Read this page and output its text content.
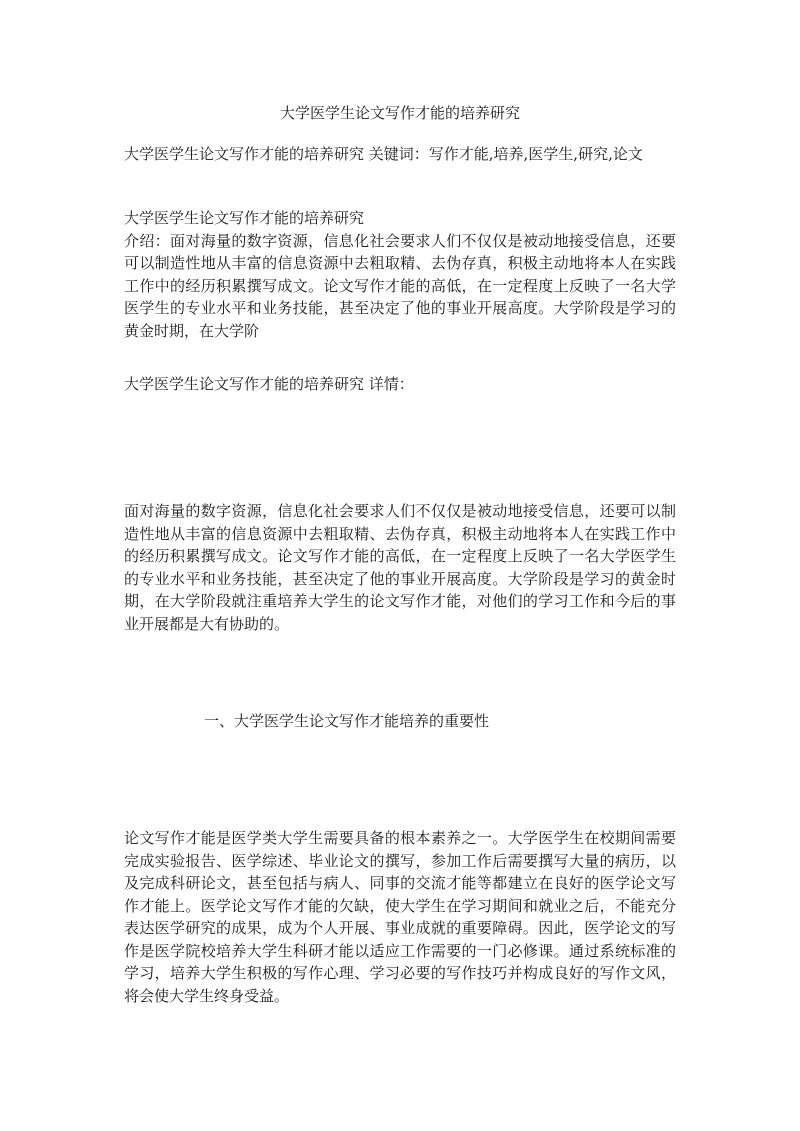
大学医学生论文写作才能的培养研究

大学医学生论文写作才能的培养研究 关键词：写作才能,培养,医学生,研究,论文

大学医学生论文写作才能的培养研究
介绍：面对海量的数字资源，信息化社会要求人们不仅仅是被动地接受信息，还要可以制造性地从丰富的信息资源中去粗取精、去伪存真，积极主动地将本人在实践工作中的经历积累撰写成文。论文写作才能的高低，在一定程度上反映了一名大学医学生的专业水平和业务技能，甚至决定了他的事业开展高度。大学阶段是学习的黄金时期，在大学阶

大学医学生论文写作才能的培养研究 详情：

面对海量的数字资源，信息化社会要求人们不仅仅是被动地接受信息，还要可以制造性地从丰富的信息资源中去粗取精、去伪存真，积极主动地将本人在实践工作中的经历积累撰写成文。论文写作才能的高低，在一定程度上反映了一名大学医学生的专业水平和业务技能，甚至决定了他的事业开展高度。大学阶段是学习的黄金时期，在大学阶段就注重培养大学生的论文写作才能，对他们的学习工作和今后的事业开展都是大有协助的。

一、大学医学生论文写作才能培养的重要性

论文写作才能是医学类大学生需要具备的根本素养之一。大学医学生在校期间需要完成实验报告、医学综述、毕业论文的撰写，参加工作后需要撰写大量的病历，以及完成科研论文，甚至包括与病人、同事的交流才能等都建立在良好的医学论文写作才能上。医学论文写作才能的欠缺，使大学生在学习期间和就业之后，不能充分表达医学研究的成果，成为个人开展、事业成就的重要障碍。因此，医学论文的写作是医学院校培养大学生科研才能以适应工作需要的一门必修课。通过系统标准的学习，培养大学生积极的写作心理、学习必要的写作技巧并构成良好的写作文风，将会使大学生终身受益。
